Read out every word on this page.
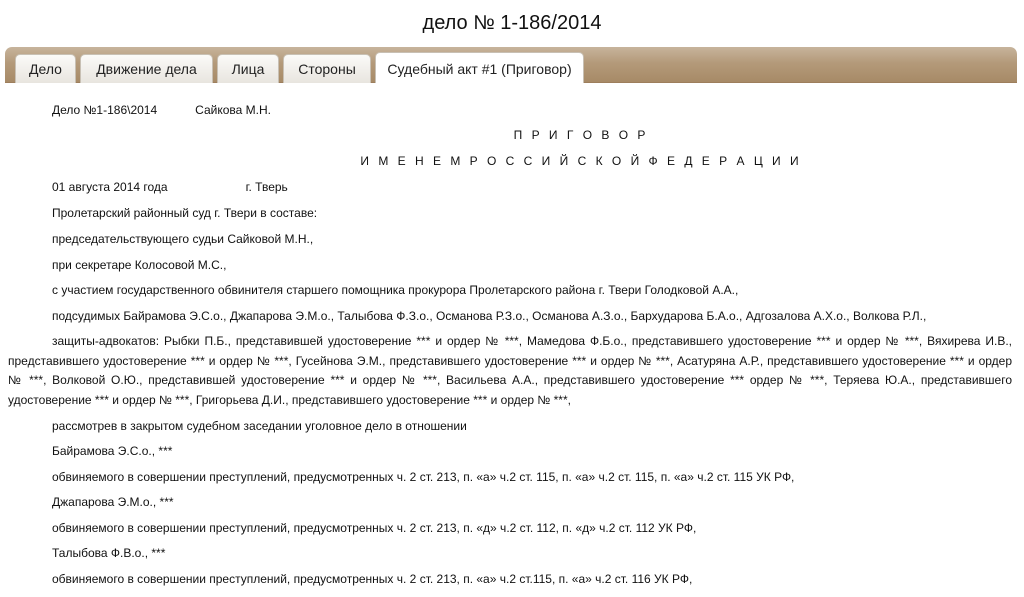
дело № 1-186/2014
Дело	Движение дела	Лица	Стороны	Судебный акт #1 (Приговор)
Дело №1-186\2014	Сайкова М.Н.
П Р И Г О В О Р
И М Е Н Е М Р О С С И Й С К О Й Ф Е Д Е Р А Ц И И
01 августа 2014 года	г. Тверь
Пролетарский районный суд г. Твери в составе:
председательствующего судьи Сайковой М.Н.,
при секретаре Колосовой М.С.,
с участием государственного обвинителя старшего помощника прокурора Пролетарского района г. Твери Голодковой А.А.,
подсудимых Байрамова Э.С.о., Джапарова Э.М.о., Талыбова Ф.З.о., Османова Р.З.о., Османова А.З.о., Бархударова Б.А.о., Адгозалова А.Х.о., Волкова Р.Л.,
защиты-адвокатов: Рыбки П.Б., представившей удостоверение *** и ордер № ***, Мамедова Ф.Б.о., представившего удостоверение *** и ордер № ***, Вяхирева И.В., представившего удостоверение *** и ордер № ***, Гусейнова Э.М., представившего удостоверение *** и ордер № ***, Асатуряна А.Р., представившего удостоверение *** и ордер № ***, Волковой О.Ю., представившей удостоверение *** и ордер № ***, Васильева А.А., представившего удостоверение *** ордер № ***, Теряева Ю.А., представившего удостоверение *** и ордер № ***, Григорьева Д.И., представившего удостоверение *** и ордер № ***,
рассмотрев в закрытом судебном заседании уголовное дело в отношении
Байрамова Э.С.о., ***
обвиняемого в совершении преступлений, предусмотренных ч. 2 ст. 213, п. «а» ч.2 ст. 115, п. «а» ч.2 ст. 115, п. «а» ч.2 ст. 115 УК РФ,
Джапарова Э.М.о., ***
обвиняемого в совершении преступлений, предусмотренных ч. 2 ст. 213, п. «д» ч.2 ст. 112, п. «д» ч.2 ст. 112 УК РФ,
Талыбова Ф.В.о., ***
обвиняемого в совершении преступлений, предусмотренных ч. 2 ст. 213, п. «а» ч.2 ст.115, п. «а» ч.2 ст. 116 УК РФ,
